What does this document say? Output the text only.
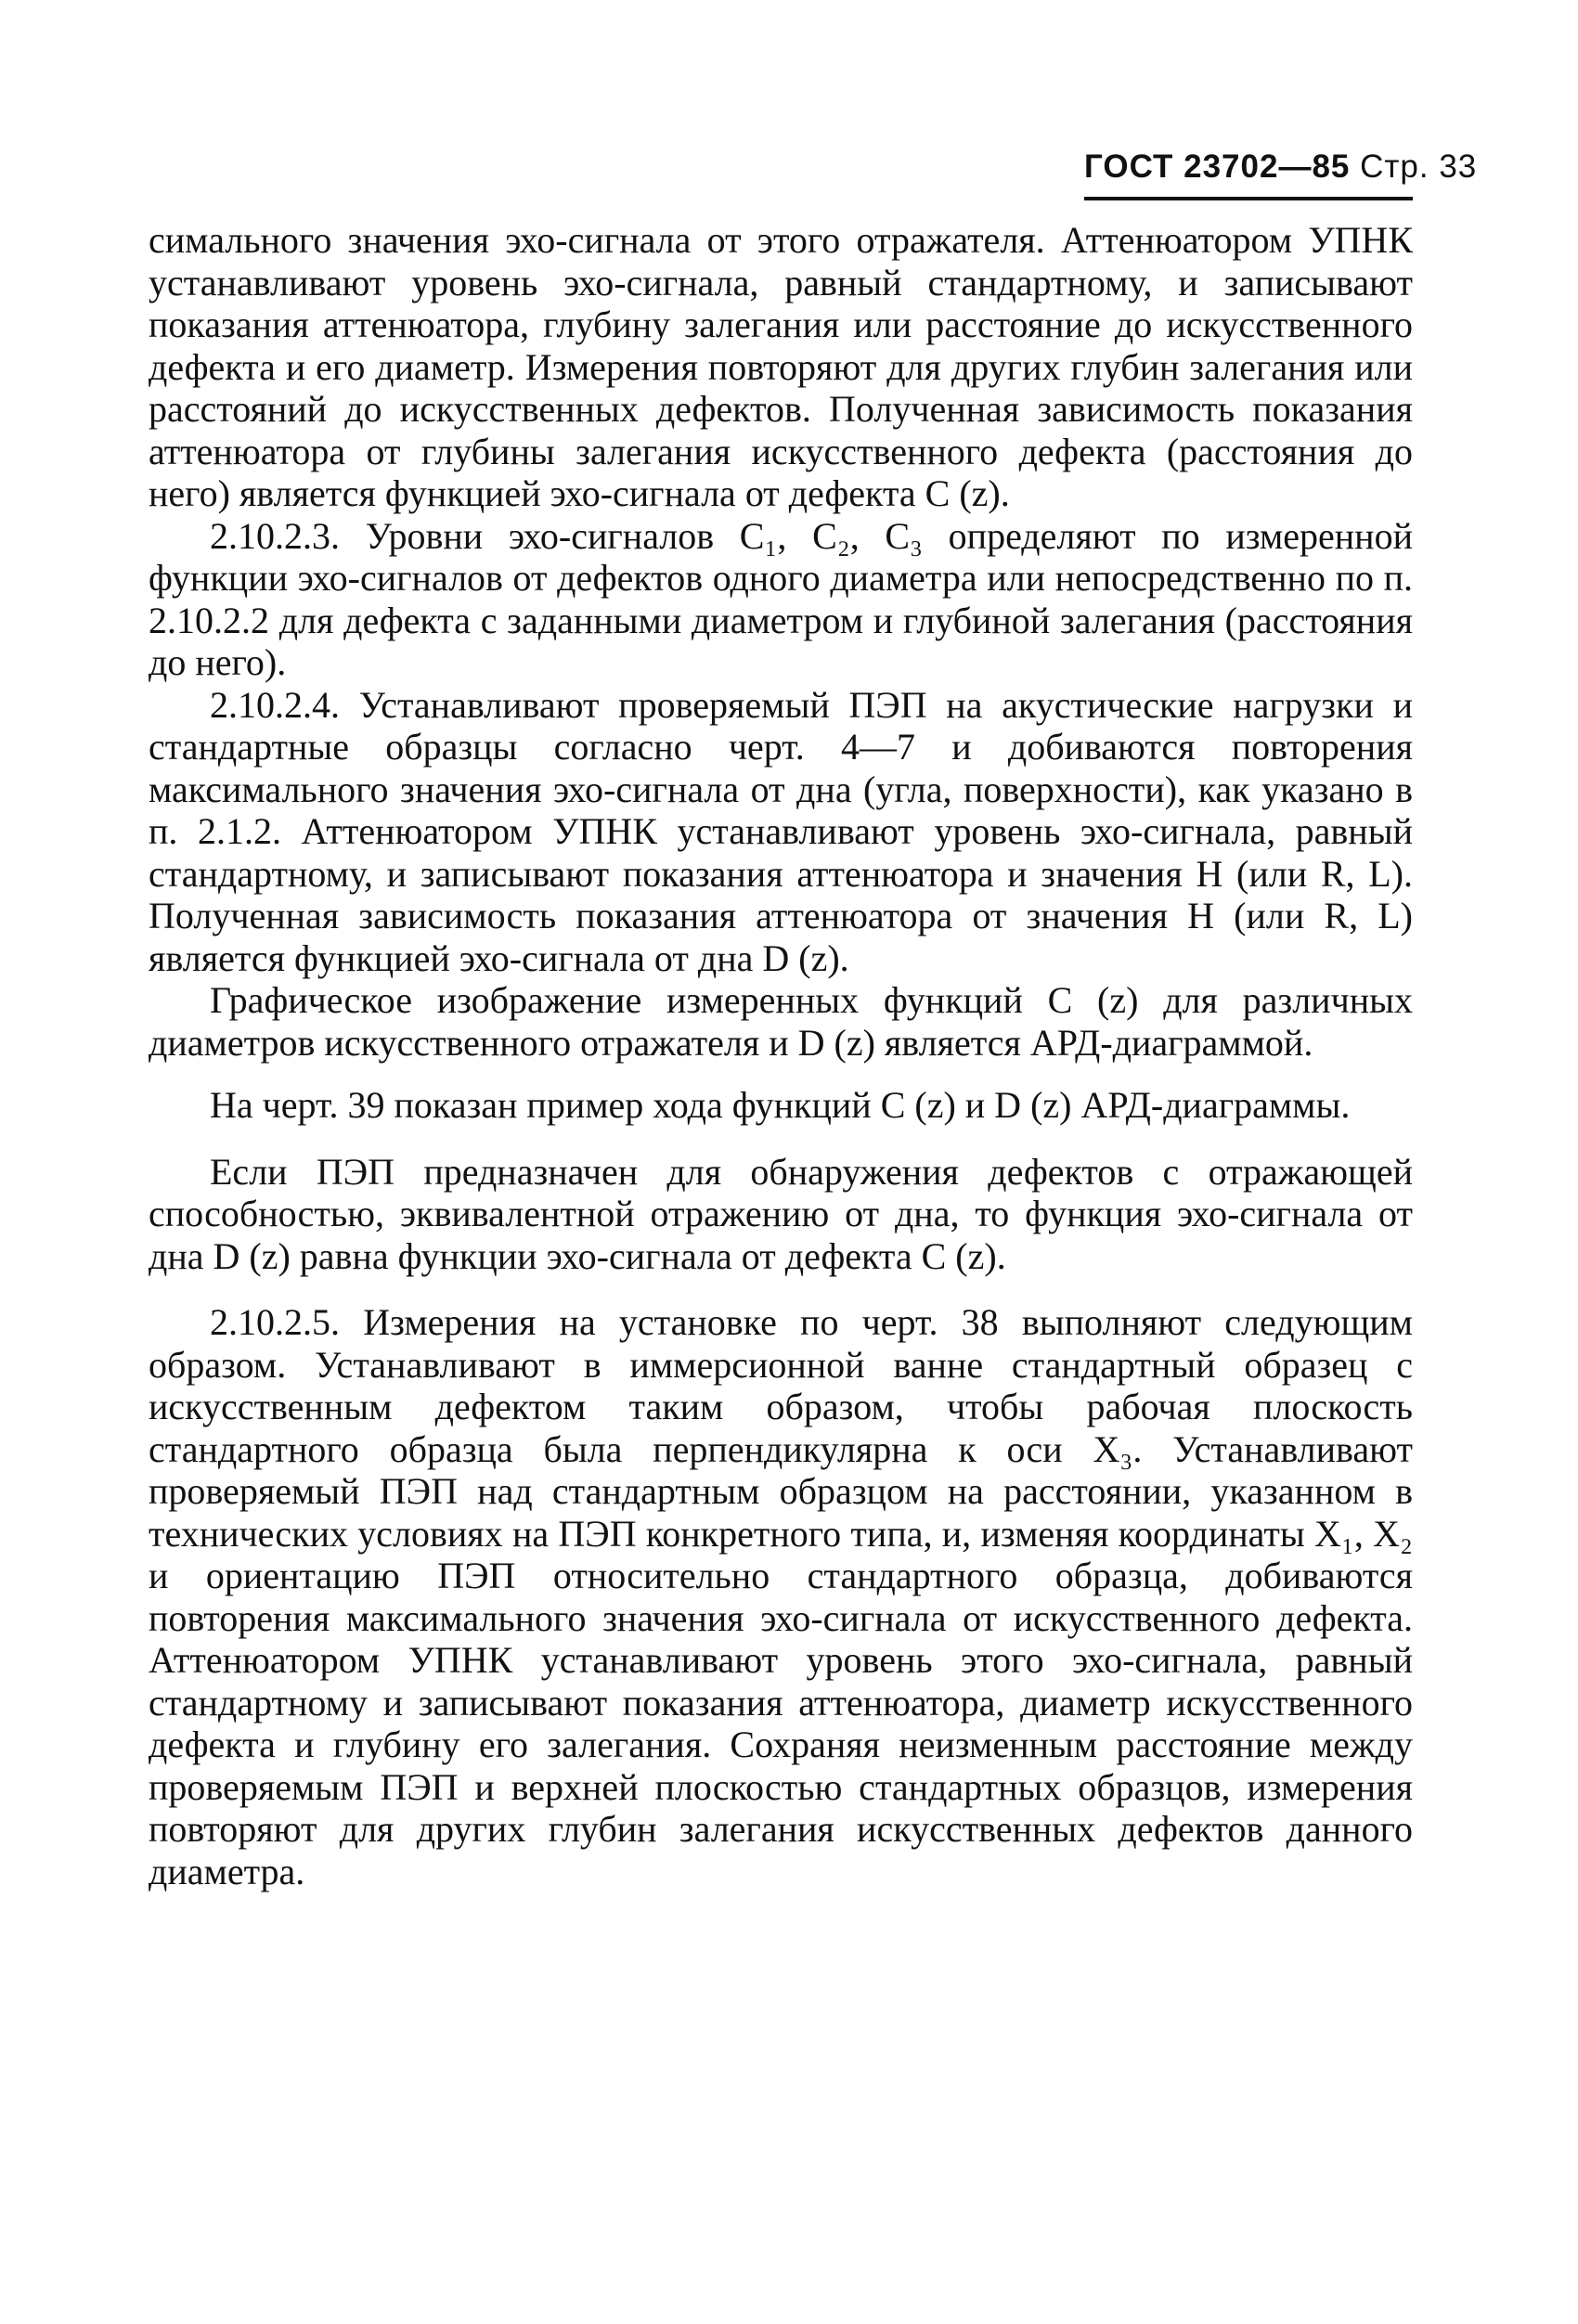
ГОСТ 23702—85 Стр. 33

симального значения эхо-сигнала от этого отражателя. Аттенюатором УПНК устанавливают уровень эхо-сигнала, равный стандартному, и записывают показания аттенюатора, глубину залегания или расстояние до искусственного дефекта и его диаметр. Измерения повторяют для других глубин залегания или расстояний до искусственных дефектов. Полученная зависимость показания аттенюатора от глубины залегания искусственного дефекта (расстояния до него) является функцией эхо-сигнала от дефекта C (z).

2.10.2.3. Уровни эхо-сигналов C₁, C₂, C₃ определяют по измеренной функции эхо-сигналов от дефектов одного диаметра или непосредственно по п. 2.10.2.2 для дефекта с заданными диаметром и глубиной залегания (расстояния до него).

2.10.2.4. Устанавливают проверяемый ПЭП на акустические нагрузки и стандартные образцы согласно черт. 4—7 и добиваются повторения максимального значения эхо-сигнала от дна (угла, поверхности), как указано в п. 2.1.2. Аттенюатором УПНК устанавливают уровень эхо-сигнала, равный стандартному, и записывают показания аттенюатора и значения H (или R, L). Полученная зависимость показания аттенюатора от значения H (или R, L) является функцией эхо-сигнала от дна D (z).

Графическое изображение измеренных функций C (z) для различных диаметров искусственного отражателя и D (z) является АРД-диаграммой.

На черт. 39 показан пример хода функций C (z) и D (z) АРД-диаграммы.

Если ПЭП предназначен для обнаружения дефектов с отражающей способностью, эквивалентной отражению от дна, то функция эхо-сигнала от дна D (z) равна функции эхо-сигнала от дефекта C (z).

2.10.2.5. Измерения на установке по черт. 38 выполняют следующим образом. Устанавливают в иммерсионной ванне стандартный образец с искусственным дефектом таким образом, чтобы рабочая плоскость стандартного образца была перпендикулярна к оси X₃. Устанавливают проверяемый ПЭП над стандартным образцом на расстоянии, указанном в технических условиях на ПЭП конкретного типа, и, изменяя координаты X₁, X₂ и ориентацию ПЭП относительно стандартного образца, добиваются повторения максимального значения эхо-сигнала от искусственного дефекта. Аттенюатором УПНК устанавливают уровень этого эхо-сигнала, равный стандартному и записывают показания аттенюатора, диаметр искусственного дефекта и глубину его залегания. Сохраняя неизменным расстояние между проверяемым ПЭП и верхней плоскостью стандартных образцов, измерения повторяют для других глубин залегания искусственных дефектов данного диаметра.
